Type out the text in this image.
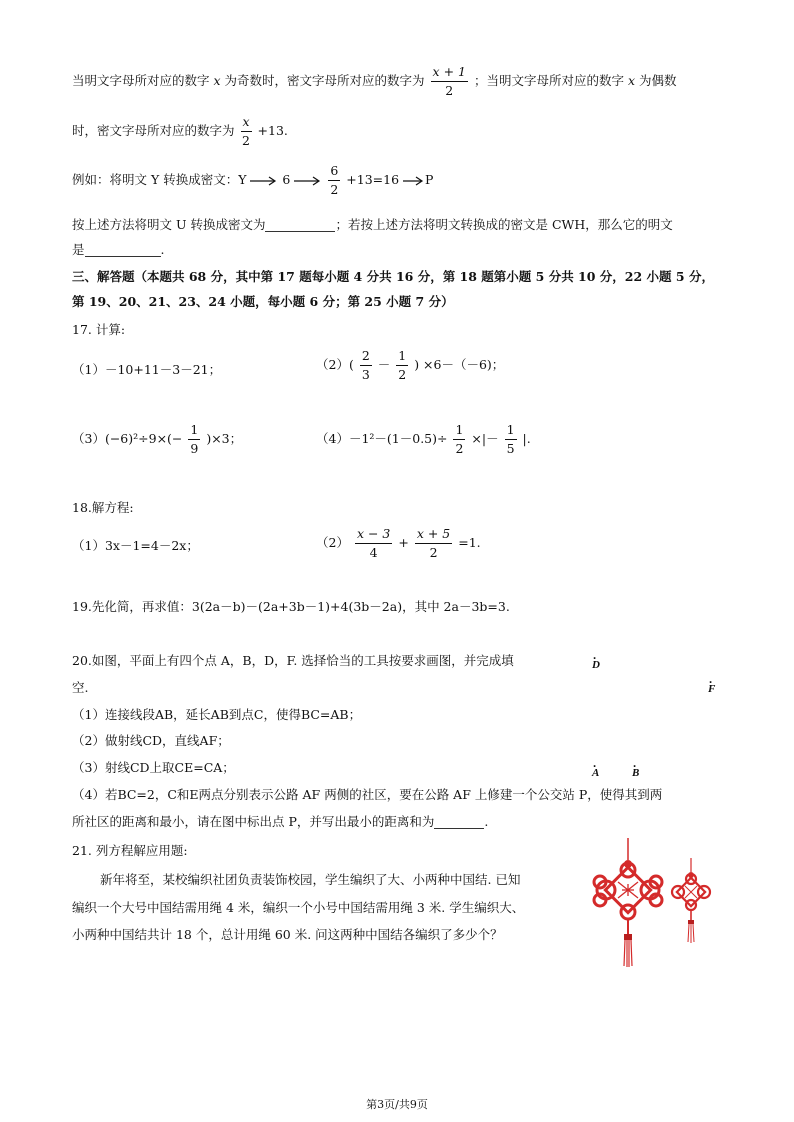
当明文字母所对应的数字 x 为奇数时，密文字母所对应的数字为 $\frac{x + 1}{2}$ ；当明文字母所对应的数字 x 为偶数
时，密文字母所对应的数字为 $\frac{x}{2} +13$.
例如：将明文 Y 转换成密文：Y	6	$\frac{6}{2} +13=16$ P
按上述方法将明文 U 转换成密文为	；若按上述方法将明文转换成的密文是 CWH，那么它的明文
是	.
三、解答题（本题共 68 分，其中第 17 题每小题 4 分共 16 分，第 18 题第小题 5 分共 10 分，22 小题 5 分，
第 19、20、21、23、24 小题，每小题 6 分；第 25 小题 7 分）
17. 计算:
（1）－10+11－3－21；	$(2)( \frac{2}{3} - \frac{1}{2}$ ) ×6－（－6)；
$(3)(-6)^2\div 9\times(- \frac{1}{9} )\times 3$；	$(4)-1^2-(1-0.5)\div \frac{1}{2}$ ×|－ $\frac{1}{5}$ |.
18.解方程:
（1）3x－1=4－2x；	$(2) \frac{x - 3}{4} + \frac{x + 5}{2} =1$.
19.先化简，再求值：3(2a－b)－(2a+3b－1)+4(3b－2a)，其中 2a－3b=3.
20.如图，平面上有四个点 A，B，D，F. 选择恰当的工具按要求画图，并完成填
空.
（1）连接线段AB，延长AB到点C，使得BC=AB；
（2）做射线CD，直线AF；
（3）射线CD上取CE=CA；
（4）若BC=2，C和E两点分别表示公路 AF 两侧的社区，要在公路 AF 上修建一个公交站 P，使得其到两
所社区的距离和最小，请在图中标出点 P，并写出最小的距离和为	.
· D
· F
· A
·	B
21. 列方程解应用题:
新年将至，某校编织社团负责装饰校园，学生编织了大、小两种中国结. 已知
编织一个大号中国结需用绳 4 米，编织一个小号中国结需用绳 3 米. 学生编织大、
小两种中国结共计 18 个，总计用绳 60 米. 问这两种中国结各编织了多少个？
第3页/共9页
